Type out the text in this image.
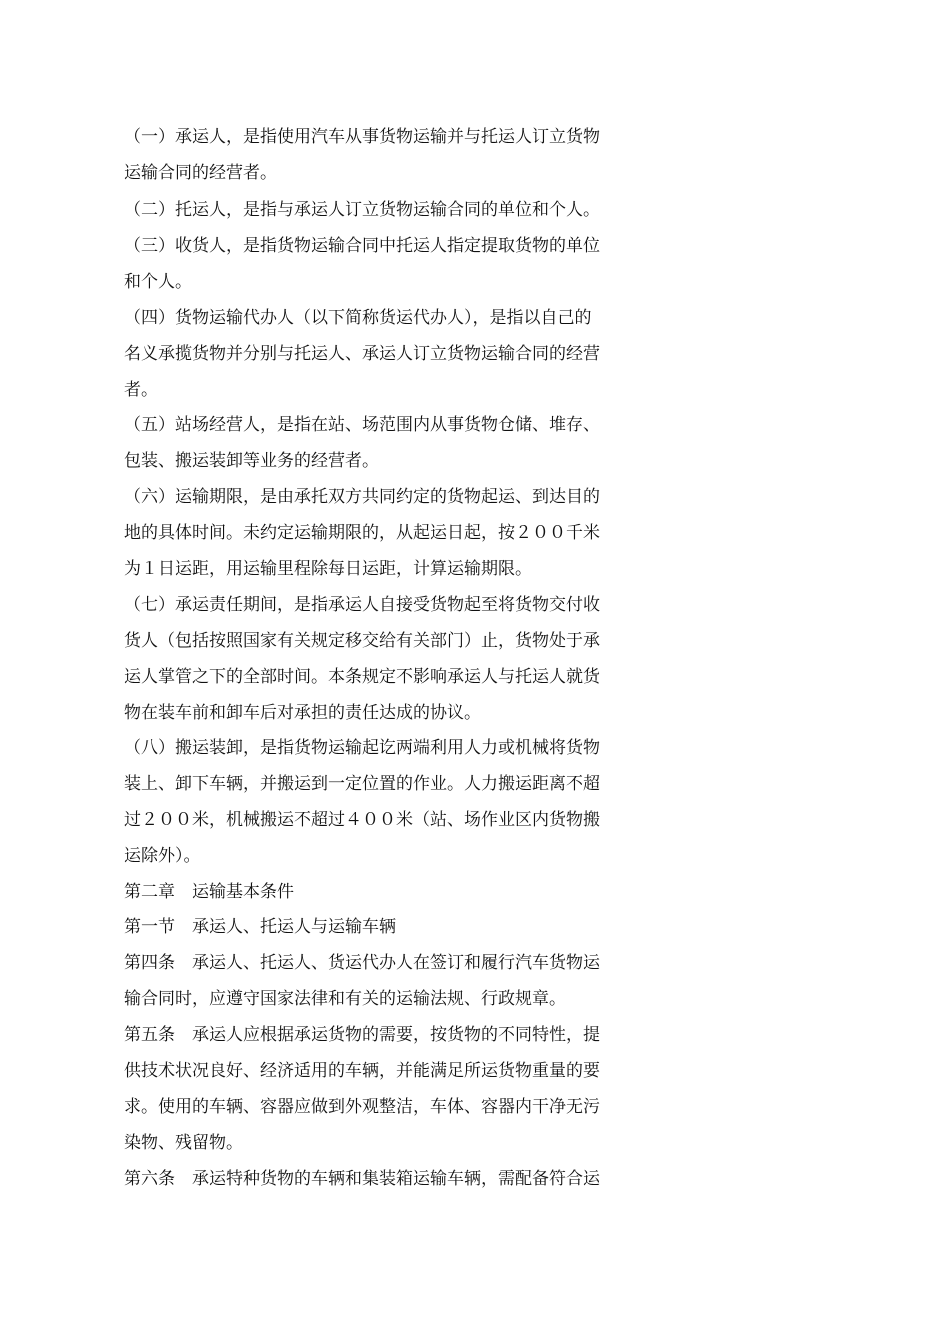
（一）承运人，是指使用汽车从事货物运输并与托运人订立货物
运输合同的经营者。
（二）托运人，是指与承运人订立货物运输合同的单位和个人。
（三）收货人，是指货物运输合同中托运人指定提取货物的单位
和个人。
（四）货物运输代办人（以下简称货运代办人），是指以自己的
名义承揽货物并分别与托运人、承运人订立货物运输合同的经营
者。
（五）站场经营人，是指在站、场范围内从事货物仓储、堆存、
包装、搬运装卸等业务的经营者。
（六）运输期限，是由承托双方共同约定的货物起运、到达目的
地的具体时间。未约定运输期限的，从起运日起，按２００千米
为１日运距，用运输里程除每日运距，计算运输期限。
（七）承运责任期间，是指承运人自接受货物起至将货物交付收
货人（包括按照国家有关规定移交给有关部门）止，货物处于承
运人掌管之下的全部时间。本条规定不影响承运人与托运人就货
物在装车前和卸车后对承担的责任达成的协议。
（八）搬运装卸，是指货物运输起讫两端利用人力或机械将货物
装上、卸下车辆，并搬运到一定位置的作业。人力搬运距离不超
过２００米，机械搬运不超过４００米（站、场作业区内货物搬
运除外）。
第二章　运输基本条件
第一节　承运人、托运人与运输车辆
第四条　承运人、托运人、货运代办人在签订和履行汽车货物运
输合同时，应遵守国家法律和有关的运输法规、行政规章。
第五条　承运人应根据承运货物的需要，按货物的不同特性，提
供技术状况良好、经济适用的车辆，并能满足所运货物重量的要
求。使用的车辆、容器应做到外观整洁，车体、容器内干净无污
染物、残留物。
第六条　承运特种货物的车辆和集装箱运输车辆，需配备符合运
